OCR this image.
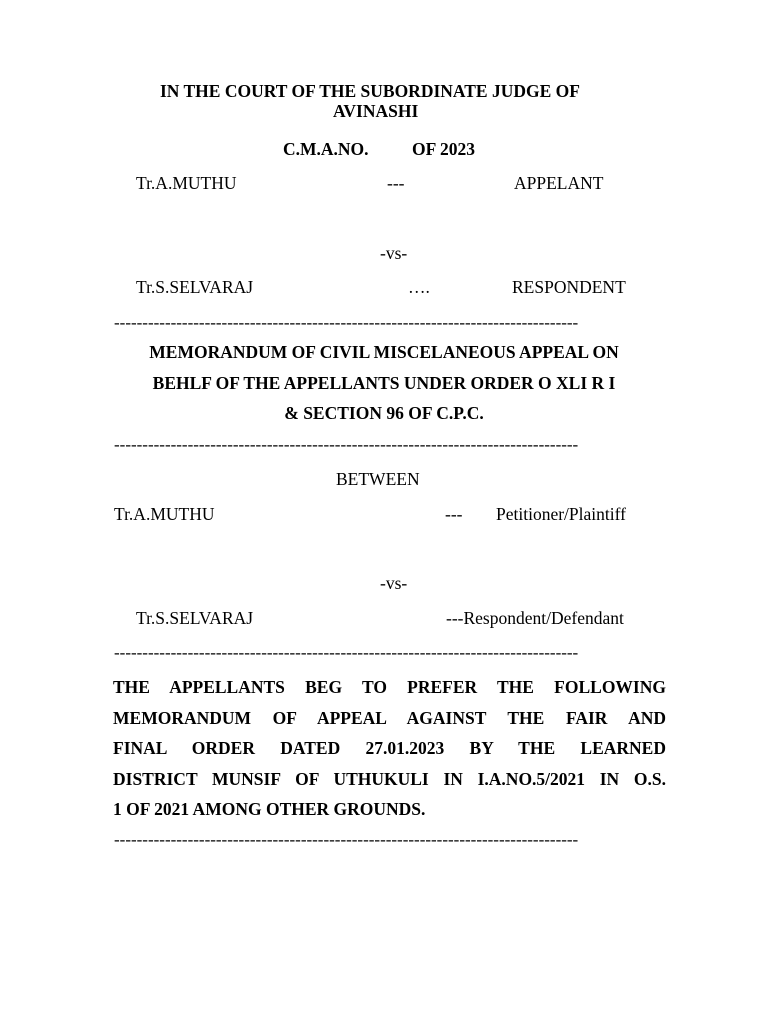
IN THE COURT OF THE SUBORDINATE JUDGE OF
AVINASHI
C.M.A.NO. OF 2023
Tr.A.MUTHU	---	APPELANT
-vs-
Tr.S.SELVARAJ	….	RESPONDENT
----------------------------------------------------------------------------------
MEMORANDUM OF CIVIL MISCELANEOUS APPEAL ON
BEHLF OF THE APPELLANTS UNDER ORDER O XLI R I
& SECTION 96 OF C.P.C.
----------------------------------------------------------------------------------
BETWEEN
Tr.A.MUTHU	--- Petitioner/Plaintiff
-vs-
Tr.S.SELVARAJ	---Respondent/Defendant
----------------------------------------------------------------------------------
THE APPELLANTS BEG TO PREFER THE FOLLOWING
MEMORANDUM OF APPEAL AGAINST THE FAIR AND
FINAL ORDER DATED 27.01.2023 BY THE LEARNED
DISTRICT MUNSIF OF UTHUKULI IN I.A.NO.5/2021 IN O.S.
1 OF 2021 AMONG OTHER GROUNDS.
----------------------------------------------------------------------------------
